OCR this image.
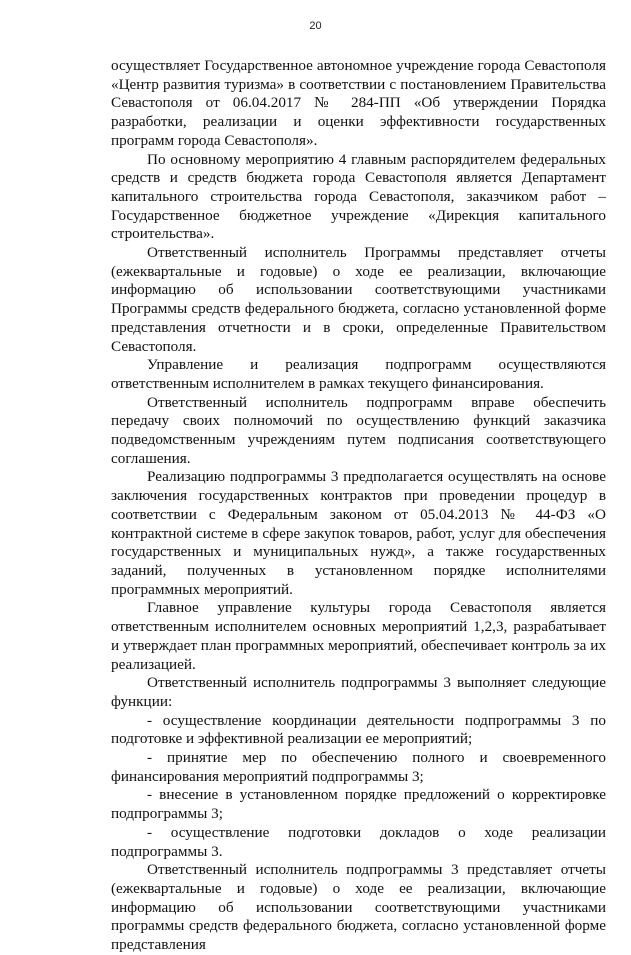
20

осуществляет Государственное автономное учреждение города Севастополя «Центр развития туризма» в соответствии с постановлением Правительства Севастополя от 06.04.2017 № 284-ПП «Об утверждении Порядка разработки, реализации и оценки эффективности государственных программ города Севастополя».

По основному мероприятию 4 главным распорядителем федеральных средств и средств бюджета города Севастополя является Департамент капитального строительства города Севастополя, заказчиком работ – Государственное бюджетное учреждение «Дирекция капитального строительства».

Ответственный исполнитель Программы представляет отчеты (ежеквартальные и годовые) о ходе ее реализации, включающие информацию об использовании соответствующими участниками Программы средств федерального бюджета, согласно установленной форме представления отчетности и в сроки, определенные Правительством Севастополя.

Управление и реализация подпрограмм осуществляются ответственным исполнителем в рамках текущего финансирования.

Ответственный исполнитель подпрограмм вправе обеспечить передачу своих полномочий по осуществлению функций заказчика подведомственным учреждениям путем подписания соответствующего соглашения.

Реализацию подпрограммы 3 предполагается осуществлять на основе заключения государственных контрактов при проведении процедур в соответствии с Федеральным законом от 05.04.2013 № 44-ФЗ «О контрактной системе в сфере закупок товаров, работ, услуг для обеспечения государственных и муниципальных нужд», а также государственных заданий, полученных в установленном порядке исполнителями программных мероприятий.

Главное управление культуры города Севастополя является ответственным исполнителем основных мероприятий 1,2,3, разрабатывает и утверждает план программных мероприятий, обеспечивает контроль за их реализацией.

Ответственный исполнитель подпрограммы 3 выполняет следующие функции:

- осуществление координации деятельности подпрограммы 3 по подготовке и эффективной реализации ее мероприятий;

- принятие мер по обеспечению полного и своевременного финансирования мероприятий подпрограммы 3;

- внесение в установленном порядке предложений о корректировке подпрограммы 3;

- осуществление подготовки докладов о ходе реализации подпрограммы 3.

Ответственный исполнитель подпрограммы 3 представляет отчеты (ежеквартальные и годовые) о ходе ее реализации, включающие информацию об использовании соответствующими участниками программы средств федерального бюджета, согласно установленной форме представления
